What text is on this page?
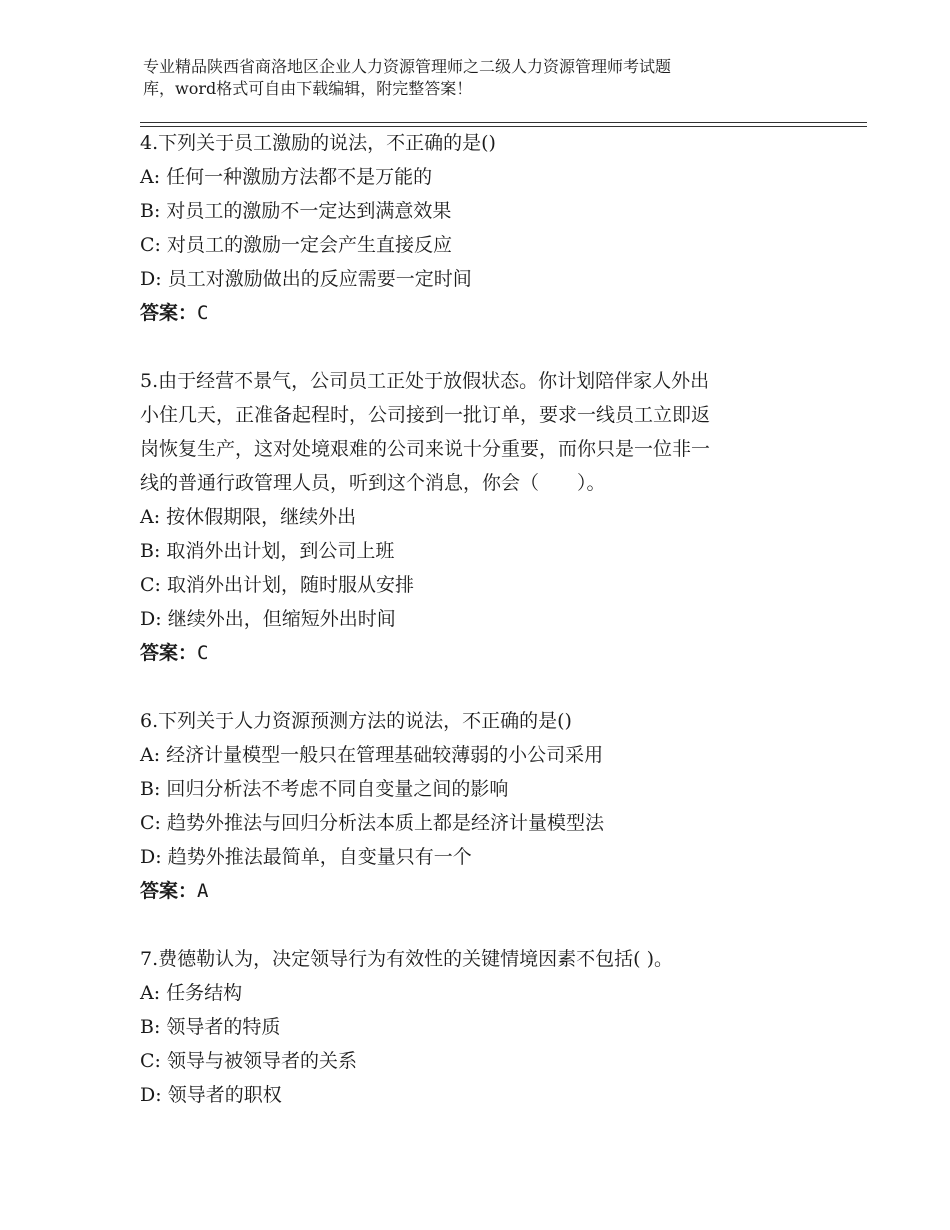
专业精品陕西省商洛地区企业人力资源管理师之二级人力资源管理师考试题
库，word格式可自由下载编辑，附完整答案！
4.下列关于员工激励的说法，不正确的是()
A: 任何一种激励方法都不是万能的
B: 对员工的激励不一定达到满意效果
C: 对员工的激励一定会产生直接反应
D: 员工对激励做出的反应需要一定时间
答案：C
5.由于经营不景气，公司员工正处于放假状态。你计划陪伴家人外出
小住几天，正准备起程时，公司接到一批订单，要求一线员工立即返
岗恢复生产，这对处境艰难的公司来说十分重要，而你只是一位非一
线的普通行政管理人员，听到这个消息，你会（　　）。
A: 按休假期限，继续外出
B: 取消外出计划，到公司上班
C: 取消外出计划，随时服从安排
D: 继续外出，但缩短外出时间
答案：C
6.下列关于人力资源预测方法的说法，不正确的是()
A: 经济计量模型一般只在管理基础较薄弱的小公司采用
B: 回归分析法不考虑不同自变量之间的影响
C: 趋势外推法与回归分析法本质上都是经济计量模型法
D: 趋势外推法最简单，自变量只有一个
答案：A
7.费德勒认为，决定领导行为有效性的关键情境因素不包括( )。
A: 任务结构
B: 领导者的特质
C: 领导与被领导者的关系
D: 领导者的职权
